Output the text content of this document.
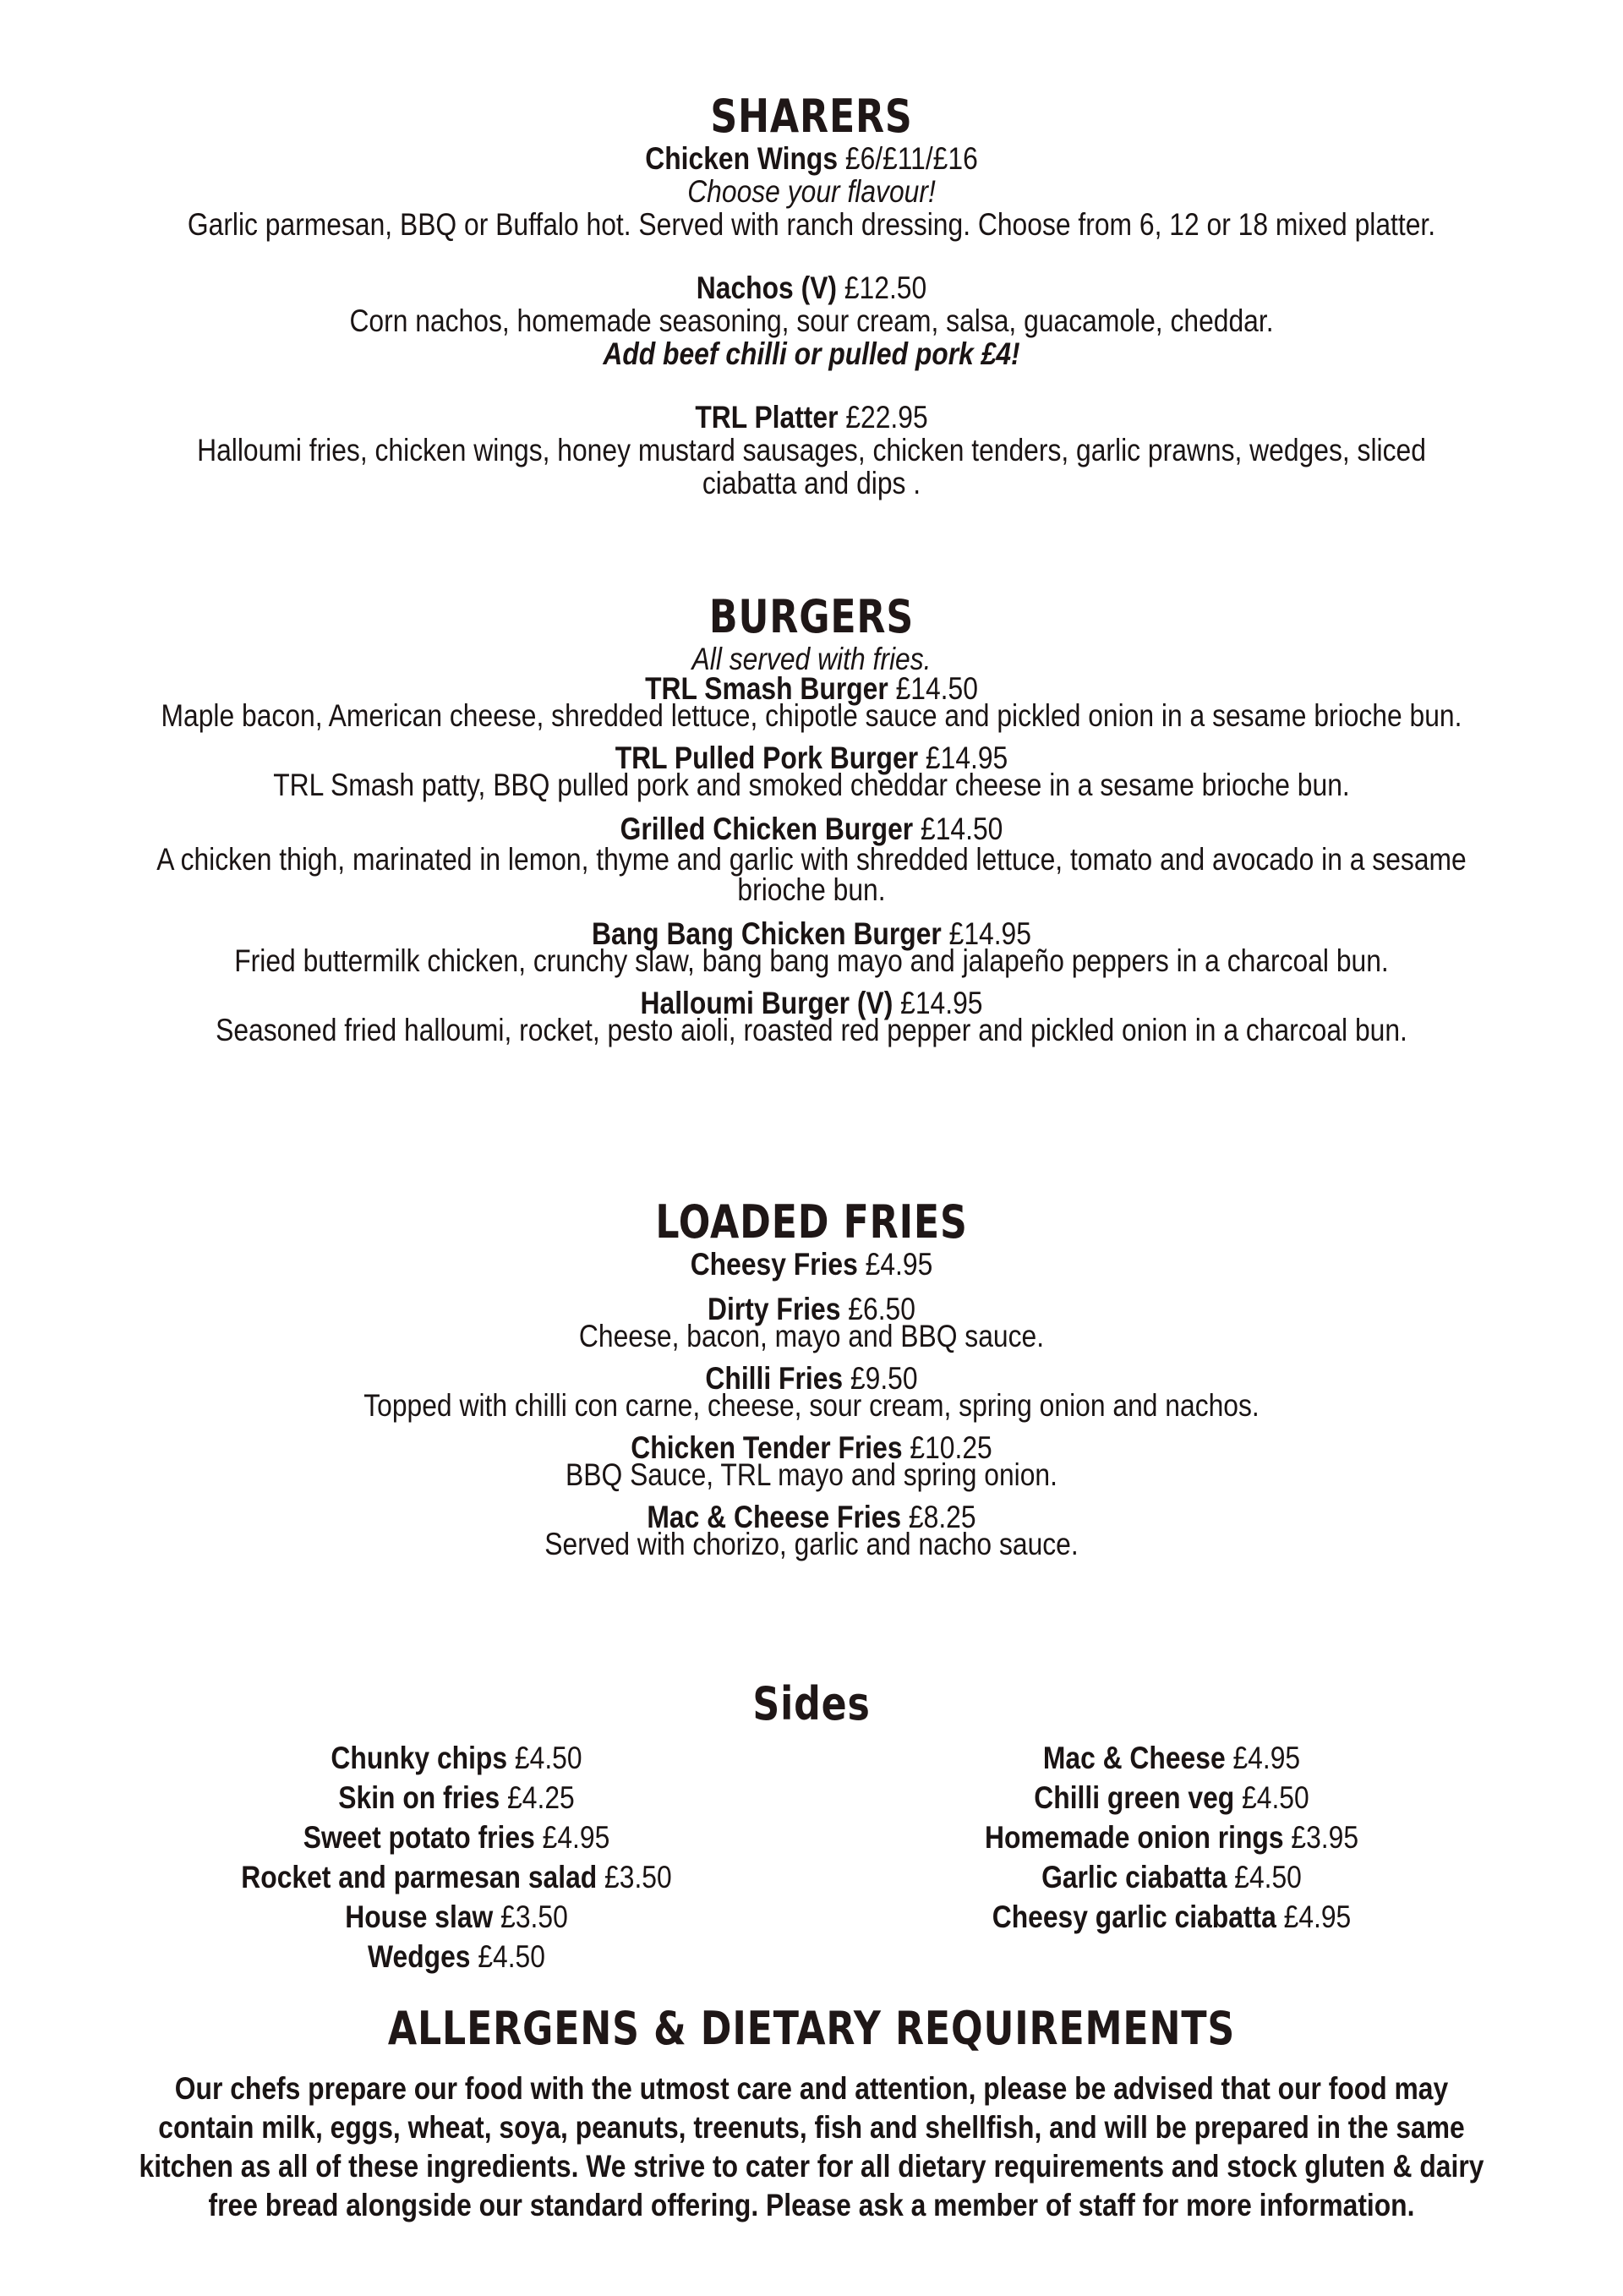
SHARERS
Chicken Wings £6/£11/£16
Choose your flavour!
Garlic parmesan, BBQ or Buffalo hot. Served with ranch dressing. Choose from 6, 12 or 18 mixed platter.
Nachos (V) £12.50
Corn nachos, homemade seasoning, sour cream, salsa, guacamole, cheddar.
Add beef chilli or pulled pork £4!
TRL Platter £22.95
Halloumi fries, chicken wings, honey mustard sausages, chicken tenders, garlic prawns, wedges, sliced
ciabatta and dips .
BURGERS
All served with fries.
TRL Smash Burger £14.50
Maple bacon, American cheese, shredded lettuce, chipotle sauce and pickled onion in a sesame brioche bun.
TRL Pulled Pork Burger £14.95
TRL Smash patty, BBQ pulled pork and smoked cheddar cheese in a sesame brioche bun.
Grilled Chicken Burger £14.50
A chicken thigh, marinated in lemon, thyme and garlic with shredded lettuce, tomato and avocado in a sesame
brioche bun.
Bang Bang Chicken Burger £14.95
Fried buttermilk chicken, crunchy slaw, bang bang mayo and jalapeño peppers in a charcoal bun.
Halloumi Burger (V) £14.95
Seasoned fried halloumi, rocket, pesto aioli, roasted red pepper and pickled onion in a charcoal bun.
LOADED FRIES
Cheesy Fries £4.95
Dirty Fries £6.50
Cheese, bacon, mayo and BBQ sauce.
Chilli Fries £9.50
Topped with chilli con carne, cheese, sour cream, spring onion and nachos.
Chicken Tender Fries £10.25
BBQ Sauce, TRL mayo and spring onion.
Mac & Cheese Fries £8.25
Served with chorizo, garlic and nacho sauce.
Sides
Chunky chips £4.50
Skin on fries £4.25
Sweet potato fries £4.95
Rocket and parmesan salad £3.50
House slaw £3.50
Wedges £4.50
Mac & Cheese £4.95
Chilli green veg £4.50
Homemade onion rings £3.95
Garlic ciabatta £4.50
Cheesy garlic ciabatta £4.95
ALLERGENS & DIETARY REQUIREMENTS
Our chefs prepare our food with the utmost care and attention, please be advised that our food may
contain milk, eggs, wheat, soya, peanuts, treenuts, fish and shellfish, and will be prepared in the same
kitchen as all of these ingredients. We strive to cater for all dietary requirements and stock gluten & dairy
free bread alongside our standard offering. Please ask a member of staff for more information.
